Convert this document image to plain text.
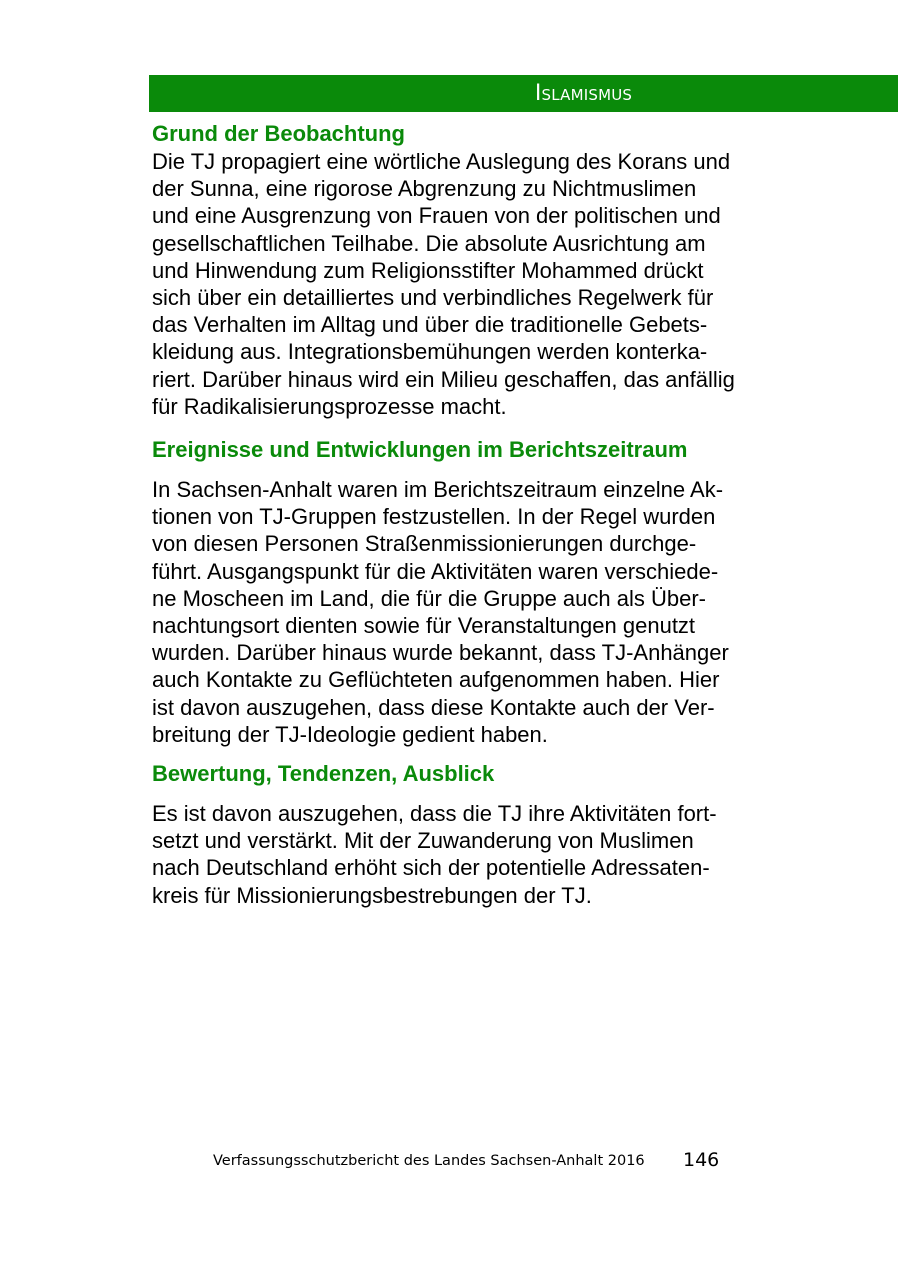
Islamismus
Grund der Beobachtung

Die TJ propagiert eine wörtliche Auslegung des Korans und
der Sunna, eine rigorose Abgrenzung zu Nichtmuslimen
und eine Ausgrenzung von Frauen von der politischen und
gesellschaftlichen Teilhabe. Die absolute Ausrichtung am
und Hinwendung zum Religionsstifter Mohammed drückt
sich über ein detailliertes und verbindliches Regelwerk für
das Verhalten im Alltag und über die traditionelle Gebets-
kleidung aus. Integrationsbemühungen werden konterka-
riert. Darüber hinaus wird ein Milieu geschaffen, das anfällig
für Radikalisierungsprozesse macht.

Ereignisse und Entwicklungen im Berichtszeitraum

In Sachsen-Anhalt waren im Berichtszeitraum einzelne Ak-
tionen von TJ-Gruppen festzustellen. In der Regel wurden
von diesen Personen Straßenmissionierungen durchge-
führt. Ausgangspunkt für die Aktivitäten waren verschiede-
ne Moscheen im Land, die für die Gruppe auch als Über-
nachtungsort dienten sowie für Veranstaltungen genutzt
wurden. Darüber hinaus wurde bekannt, dass TJ-Anhänger
auch Kontakte zu Geflüchteten aufgenommen haben. Hier
ist davon auszugehen, dass diese Kontakte auch der Ver-
breitung der TJ-Ideologie gedient haben.

Bewertung, Tendenzen, Ausblick

Es ist davon auszugehen, dass die TJ ihre Aktivitäten fort-
setzt und verstärkt. Mit der Zuwanderung von Muslimen
nach Deutschland erhöht sich der potentielle Adressaten-
kreis für Missionierungsbestrebungen der TJ.

Verfassungsschutzbericht des Landes Sachsen-Anhalt 2016 146
